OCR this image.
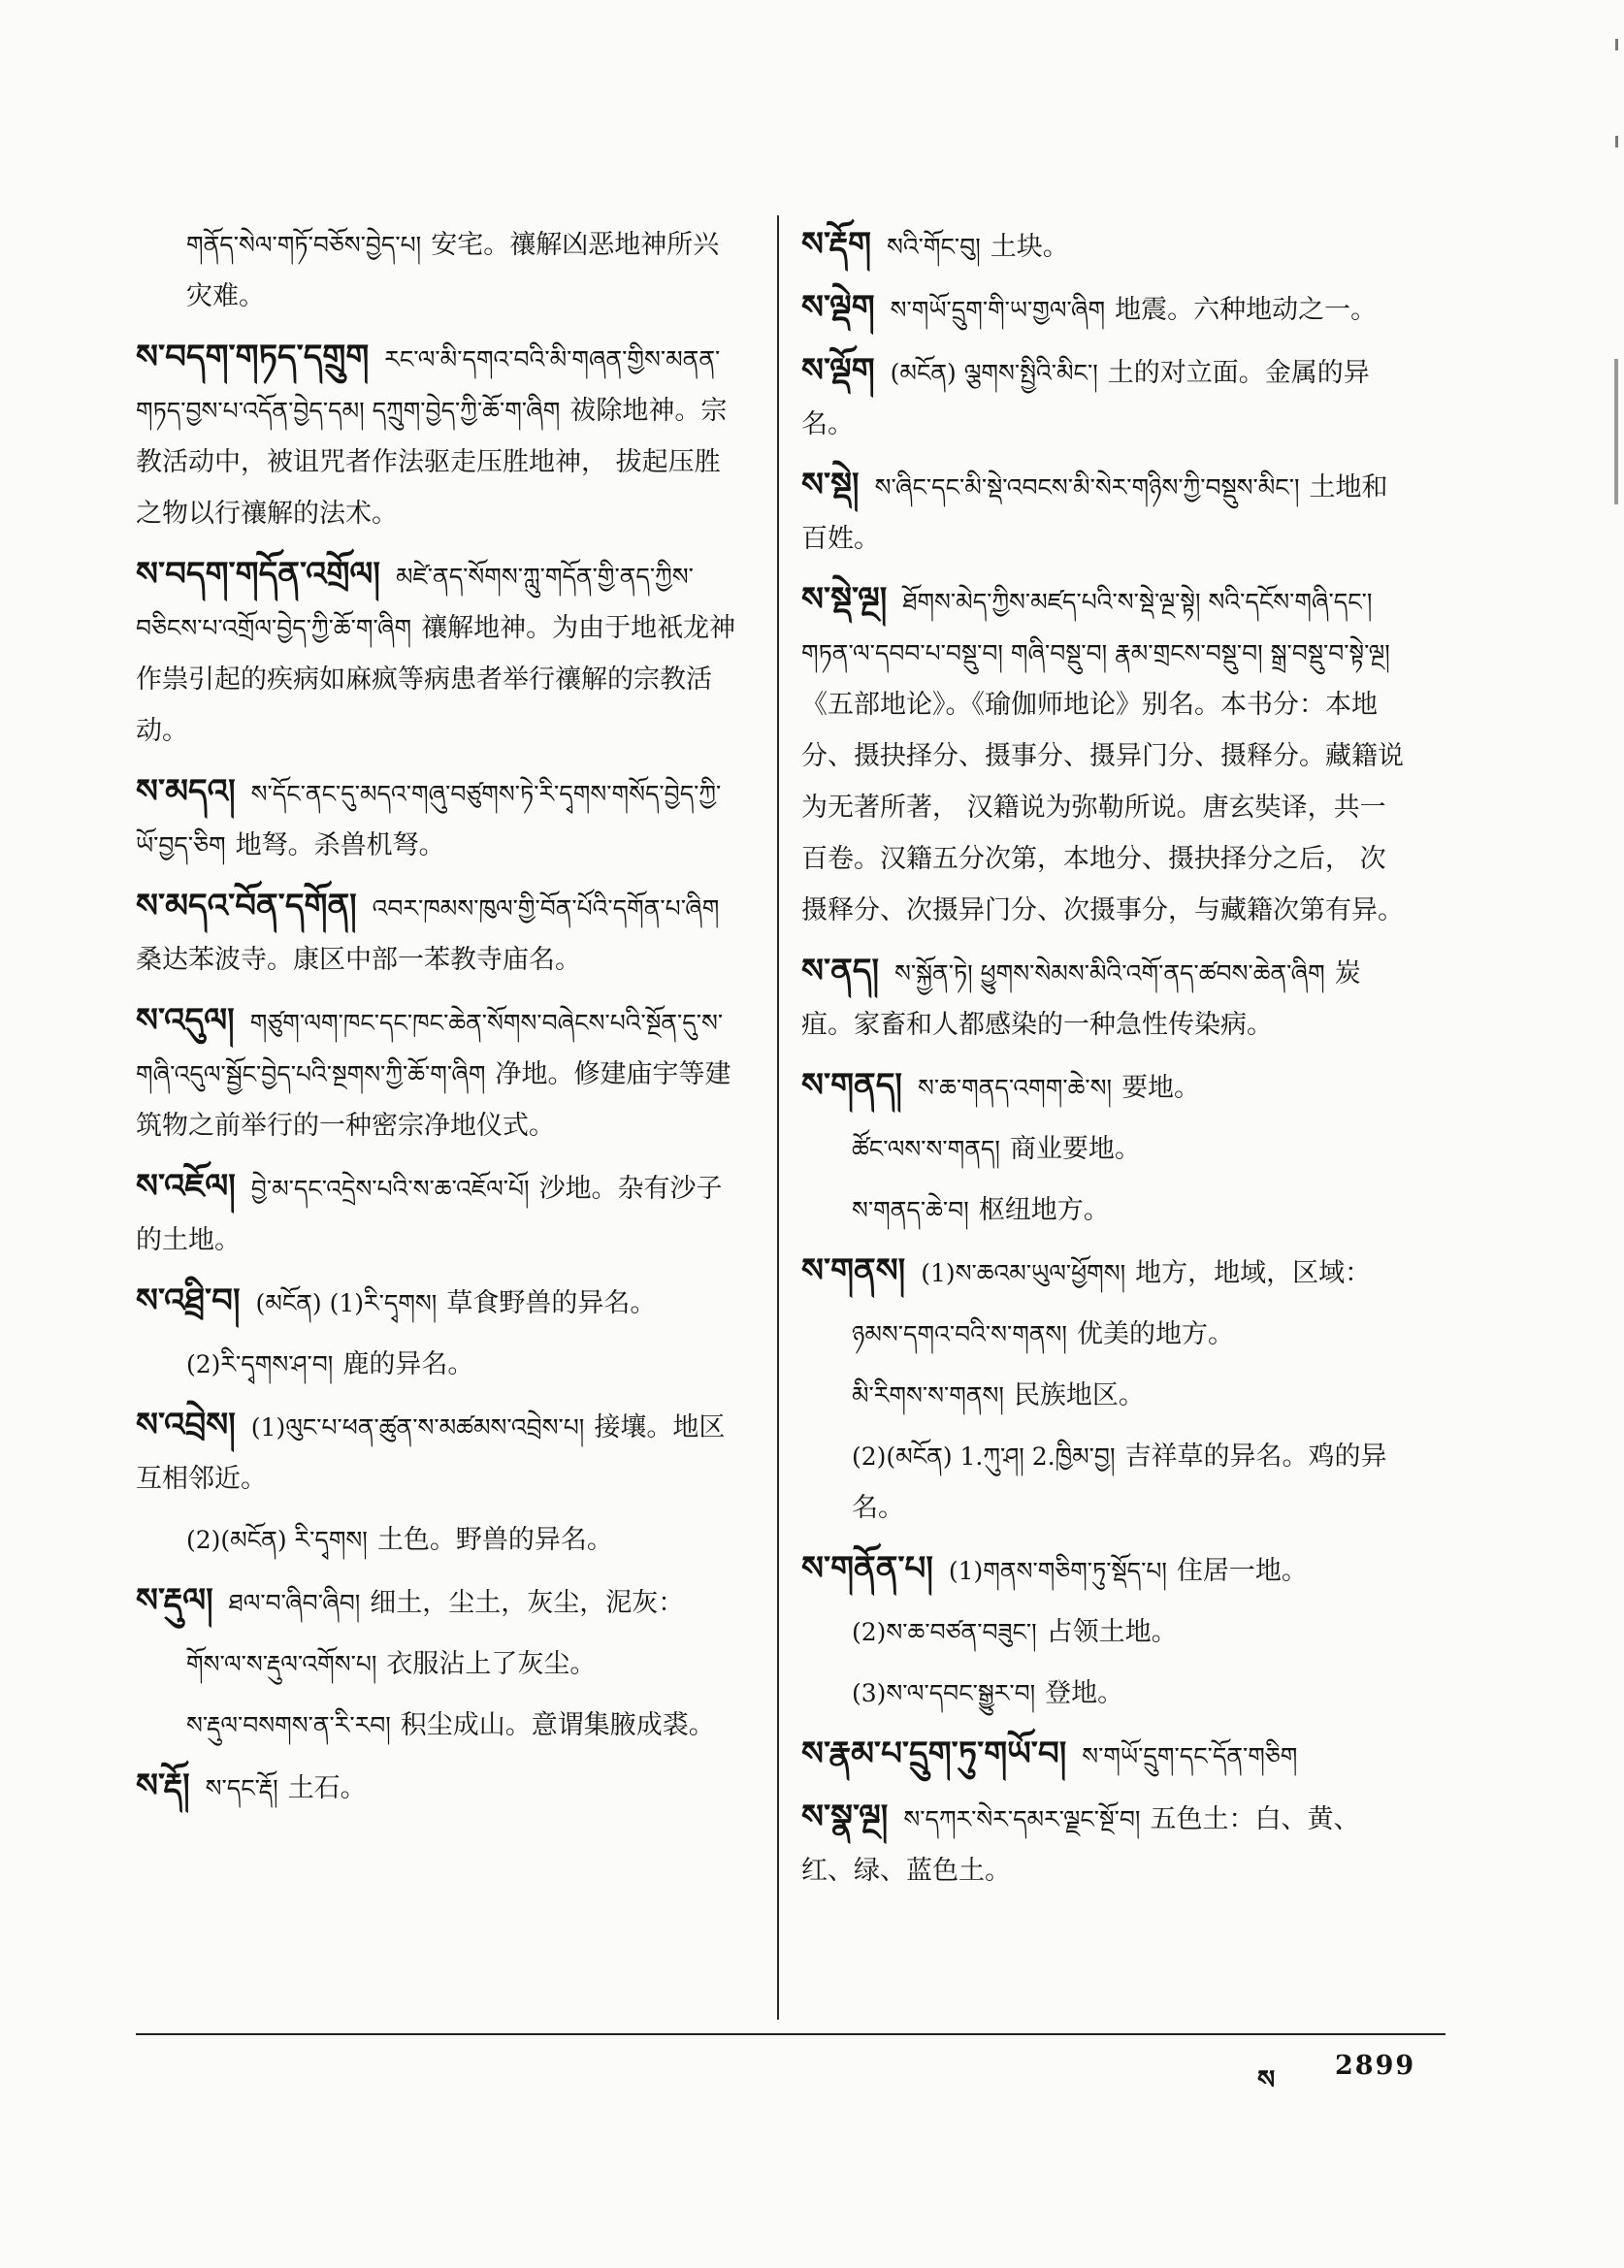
གནོད་སེལ་གཏོ་བཅོས་བྱེད་པ། 安宅。禳解凶恶地神所兴灾难。
ས་བདག་གཏད་དགྲུག རང་ལ་མི་དགའ་བའི་མི་གཞན་གྱིས་མནན་གཏད་བྱས་པ་འདོན་བྱེད་དམ། དཀྲུག་བྱེད་ཀྱི་ཆོ་ག་ཞིག 祓除地神。宗教活动中，被诅咒者作法驱走压胜地神， 拔起压胜之物以行禳解的法术。
ས་བདག་གདོན་འགྲོལ། མཛེ་ནད་སོགས་ཀླུ་གདོན་གྱི་ནད་ཀྱིས་བཅིངས་པ་འགྲོལ་བྱེད་ཀྱི་ཆོ་ག་ཞིག 禳解地神。为由于地祇龙神作祟引起的疾病如麻疯等病患者举行禳解的宗教活动。
ས་མདའ། ས་དོང་ནང་དུ་མདའ་གཞུ་བཙུགས་ཏེ་རི་དྭགས་གསོད་བྱེད་ཀྱི་ཡོ་བྱད་ཅིག 地弩。杀兽机弩。
ས་མདའ་བོན་དགོན། འབར་ཁམས་ཁུལ་གྱི་བོན་པོའི་དགོན་པ་ཞིག桑达苯波寺。康区中部一苯教寺庙名。
ས་འདུལ། གཙུག་ལག་ཁང་དང་ཁང་ཆེན་སོགས་བཞེངས་པའི་སྔོན་དུ་ས་གཞི་འདུལ་སྦྱོང་བྱེད་པའི་སྔགས་ཀྱི་ཆོ་ག་ཞིག 净地。修建庙宇等建筑物之前举行的一种密宗净地仪式。
ས་འཇོལ། བྱེ་མ་དང་འདྲེས་པའི་ས་ཆ་འཇོལ་པོ། 沙地。杂有沙子的土地。
ས་འཐྲི་བ། (མངོན) (1)རི་དྭགས། 草食野兽的异名。
(2)རི་དྭགས་ཤ་བ། 鹿的异名。
ས་འབྲེས། (1)ལུང་པ་ཕན་ཚུན་ས་མཚམས་འབྲེས་པ། 接壤。地区互相邻近。
(2)(མངོན) རི་དྭགས། 土色。野兽的异名。
ས་རྡུལ། ཐལ་བ་ཞིབ་ཞིབ། 细土，尘土，灰尘，泥灰：
གོས་ལ་ས་རྡུལ་འགོས་པ། 衣服沾上了灰尘。
ས་རྡུལ་བསགས་ན་རི་རབ། 积尘成山。意谓集腋成裘。
ས་རྡོ། ས་དང་རྡོ། 土石。
ས་རྡོག སའི་གོང་བུ། 土块。
ས་ལྡེག ས་གཡོ་དྲུག་གི་ཡ་གྱལ་ཞིག 地震。六种地动之一。
ས་ལྡོག (མངོན) ལྕགས་སྤྱིའི་མིང་། 土的对立面。金属的异名。
ས་སྡེ། ས་ཞིང་དང་མི་སྡེ་འབངས་མི་སེར་གཉིས་ཀྱི་བསྡུས་མིང་། 土地和百姓。
ས་སྡེ་ལྔ། ཐོགས་མེད་ཀྱིས་མཛད་པའི་ས་སྡེ་ལྔ་སྟེ། སའི་དངོས་གཞི་དང་། གཏན་ལ་དབབ་པ་བསྡུ་བ། གཞི་བསྡུ་བ། རྣམ་གྲངས་བསྡུ་བ། སྒྲ་བསྡུ་བ་སྟེ་ལྔ།《五部地论》。《瑜伽师地论》别名。本书分：本地分、摄抉择分、摄事分、摄异门分、摄释分。藏籍说为无著所著， 汉籍说为弥勒所说。唐玄奘译，共一百卷。汉籍五分次第，本地分、摄抉择分之后， 次摄释分、次摄异门分、次摄事分，与藏籍次第有异。
ས་ནད། ས་སྐྱོན་ཏེ། ཕྱུགས་སེམས་མིའི་འགོ་ནད་ཚབས་ཆེན་ཞིག 炭疽。家畜和人都感染的一种急性传染病。
ས་གནད། ས་ཆ་གནད་འགག་ཆེ་ས། 要地。
ཚོང་ལས་ས་གནད། 商业要地。
ས་གནད་ཆེ་བ། 枢纽地方。
ས་གནས། (1)ས་ཆའམ་ཡུལ་ཕྱོགས། 地方，地域，区域：
ཉམས་དགའ་བའི་ས་གནས། 优美的地方。
མི་རིགས་ས་གནས། 民族地区。
(2)(མངོན) 1.ཀུ་ཤ། 2.ཁྱིམ་བྱ། 吉祥草的异名。鸡的异名。
ས་གནོན་པ། (1)གནས་གཅིག་ཏུ་སྡོད་པ། 住居一地。
(2)ས་ཆ་བཙན་བཟུང་། 占领土地。
(3)ས་ལ་དབང་སྒྱུར་བ། 登地。
ས་རྣམ་པ་དྲུག་ཏུ་གཡོ་བ། ས་གཡོ་དྲུག་དང་དོན་གཅིག
ས་སྣ་ལྔ། ས་དཀར་སེར་དམར་ལྗང་སྔོ་བ། 五色土：白、黄、红、绿、蓝色土。
ས 2899
